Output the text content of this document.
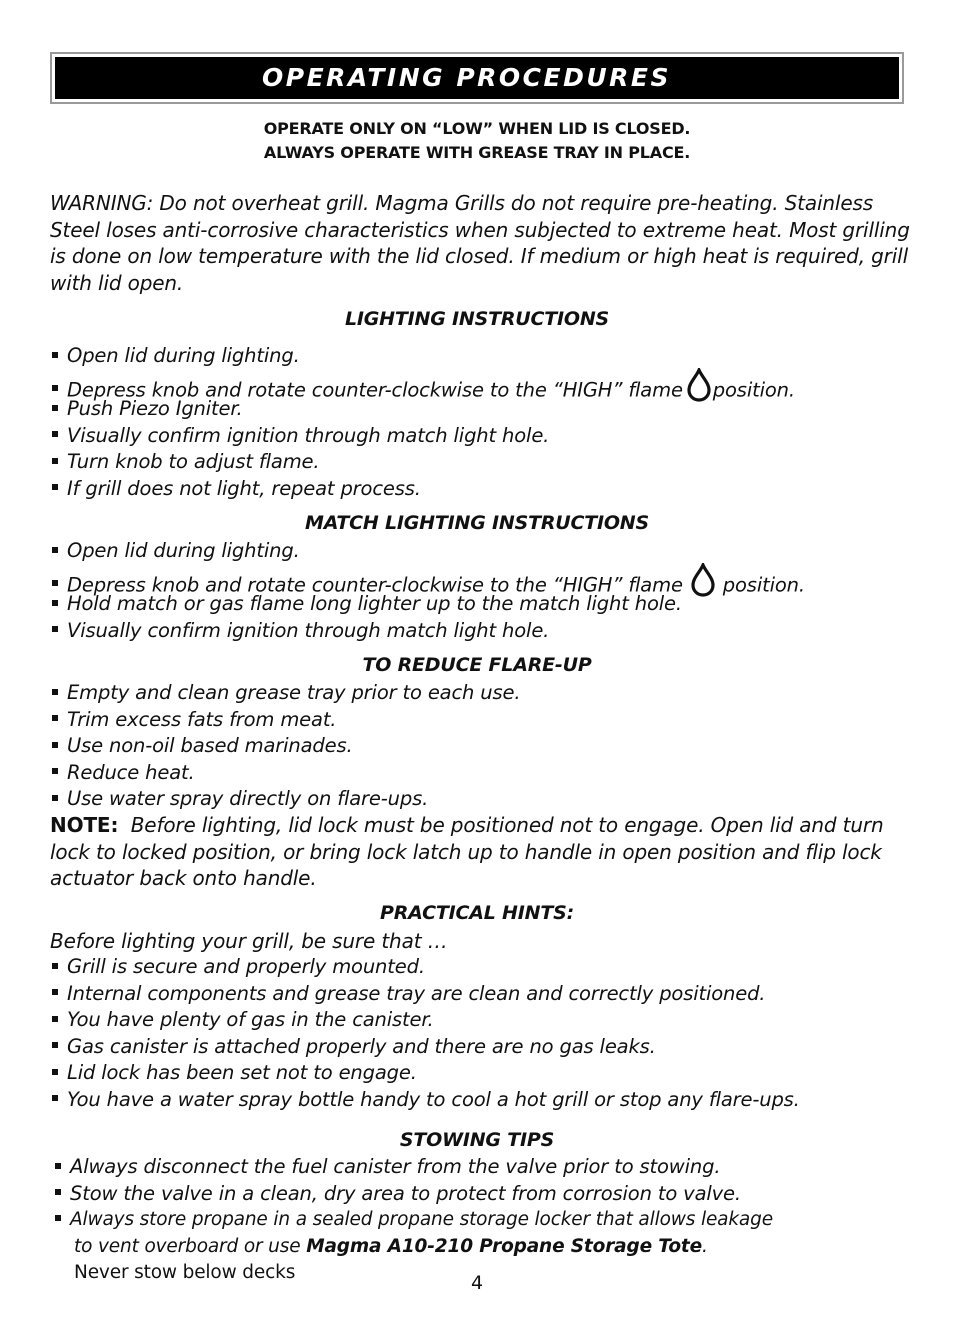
OPERATING PROCEDURES
OPERATE ONLY ON “LOW” WHEN LID IS CLOSED.
ALWAYS OPERATE WITH GREASE TRAY IN PLACE.
WARNING: Do not overheat grill. Magma Grills do not require pre-heating. Stainless Steel loses anti-corrosive characteristics when subjected to extreme heat. Most grilling is done on low temperature with the lid closed. If medium or high heat is required, grill with lid open.
LIGHTING INSTRUCTIONS
Open lid during lighting.
Depress knob and rotate counter-clockwise to the “HIGH” flame position.
Push Piezo Igniter.
Visually confirm ignition through match light hole.
Turn knob to adjust flame.
If grill does not light, repeat process.
MATCH LIGHTING INSTRUCTIONS
Open lid during lighting.
Depress knob and rotate counter-clockwise to the “HIGH” flame position.
Hold match or gas flame long lighter up to the match light hole.
Visually confirm ignition through match light hole.
TO REDUCE FLARE-UP
Empty and clean grease tray prior to each use.
Trim excess fats from meat.
Use non-oil based marinades.
Reduce heat.
Use water spray directly on flare-ups.
NOTE: Before lighting, lid lock must be positioned not to engage. Open lid and turn lock to locked position, or bring lock latch up to handle in open position and flip lock actuator back onto handle.
PRACTICAL HINTS:
Before lighting your grill, be sure that …
Grill is secure and properly mounted.
Internal components and grease tray are clean and correctly positioned.
You have plenty of gas in the canister.
Gas canister is attached properly and there are no gas leaks.
Lid lock has been set not to engage.
You have a water spray bottle handy to cool a hot grill or stop any flare-ups.
STOWING TIPS
Always disconnect the fuel canister from the valve prior to stowing.
Stow the valve in a clean, dry area to protect from corrosion to valve.
Always store propane in a sealed propane storage locker that allows leakage
to vent overboard or use Magma A10-210 Propane Storage Tote.
Never stow below decks	4
